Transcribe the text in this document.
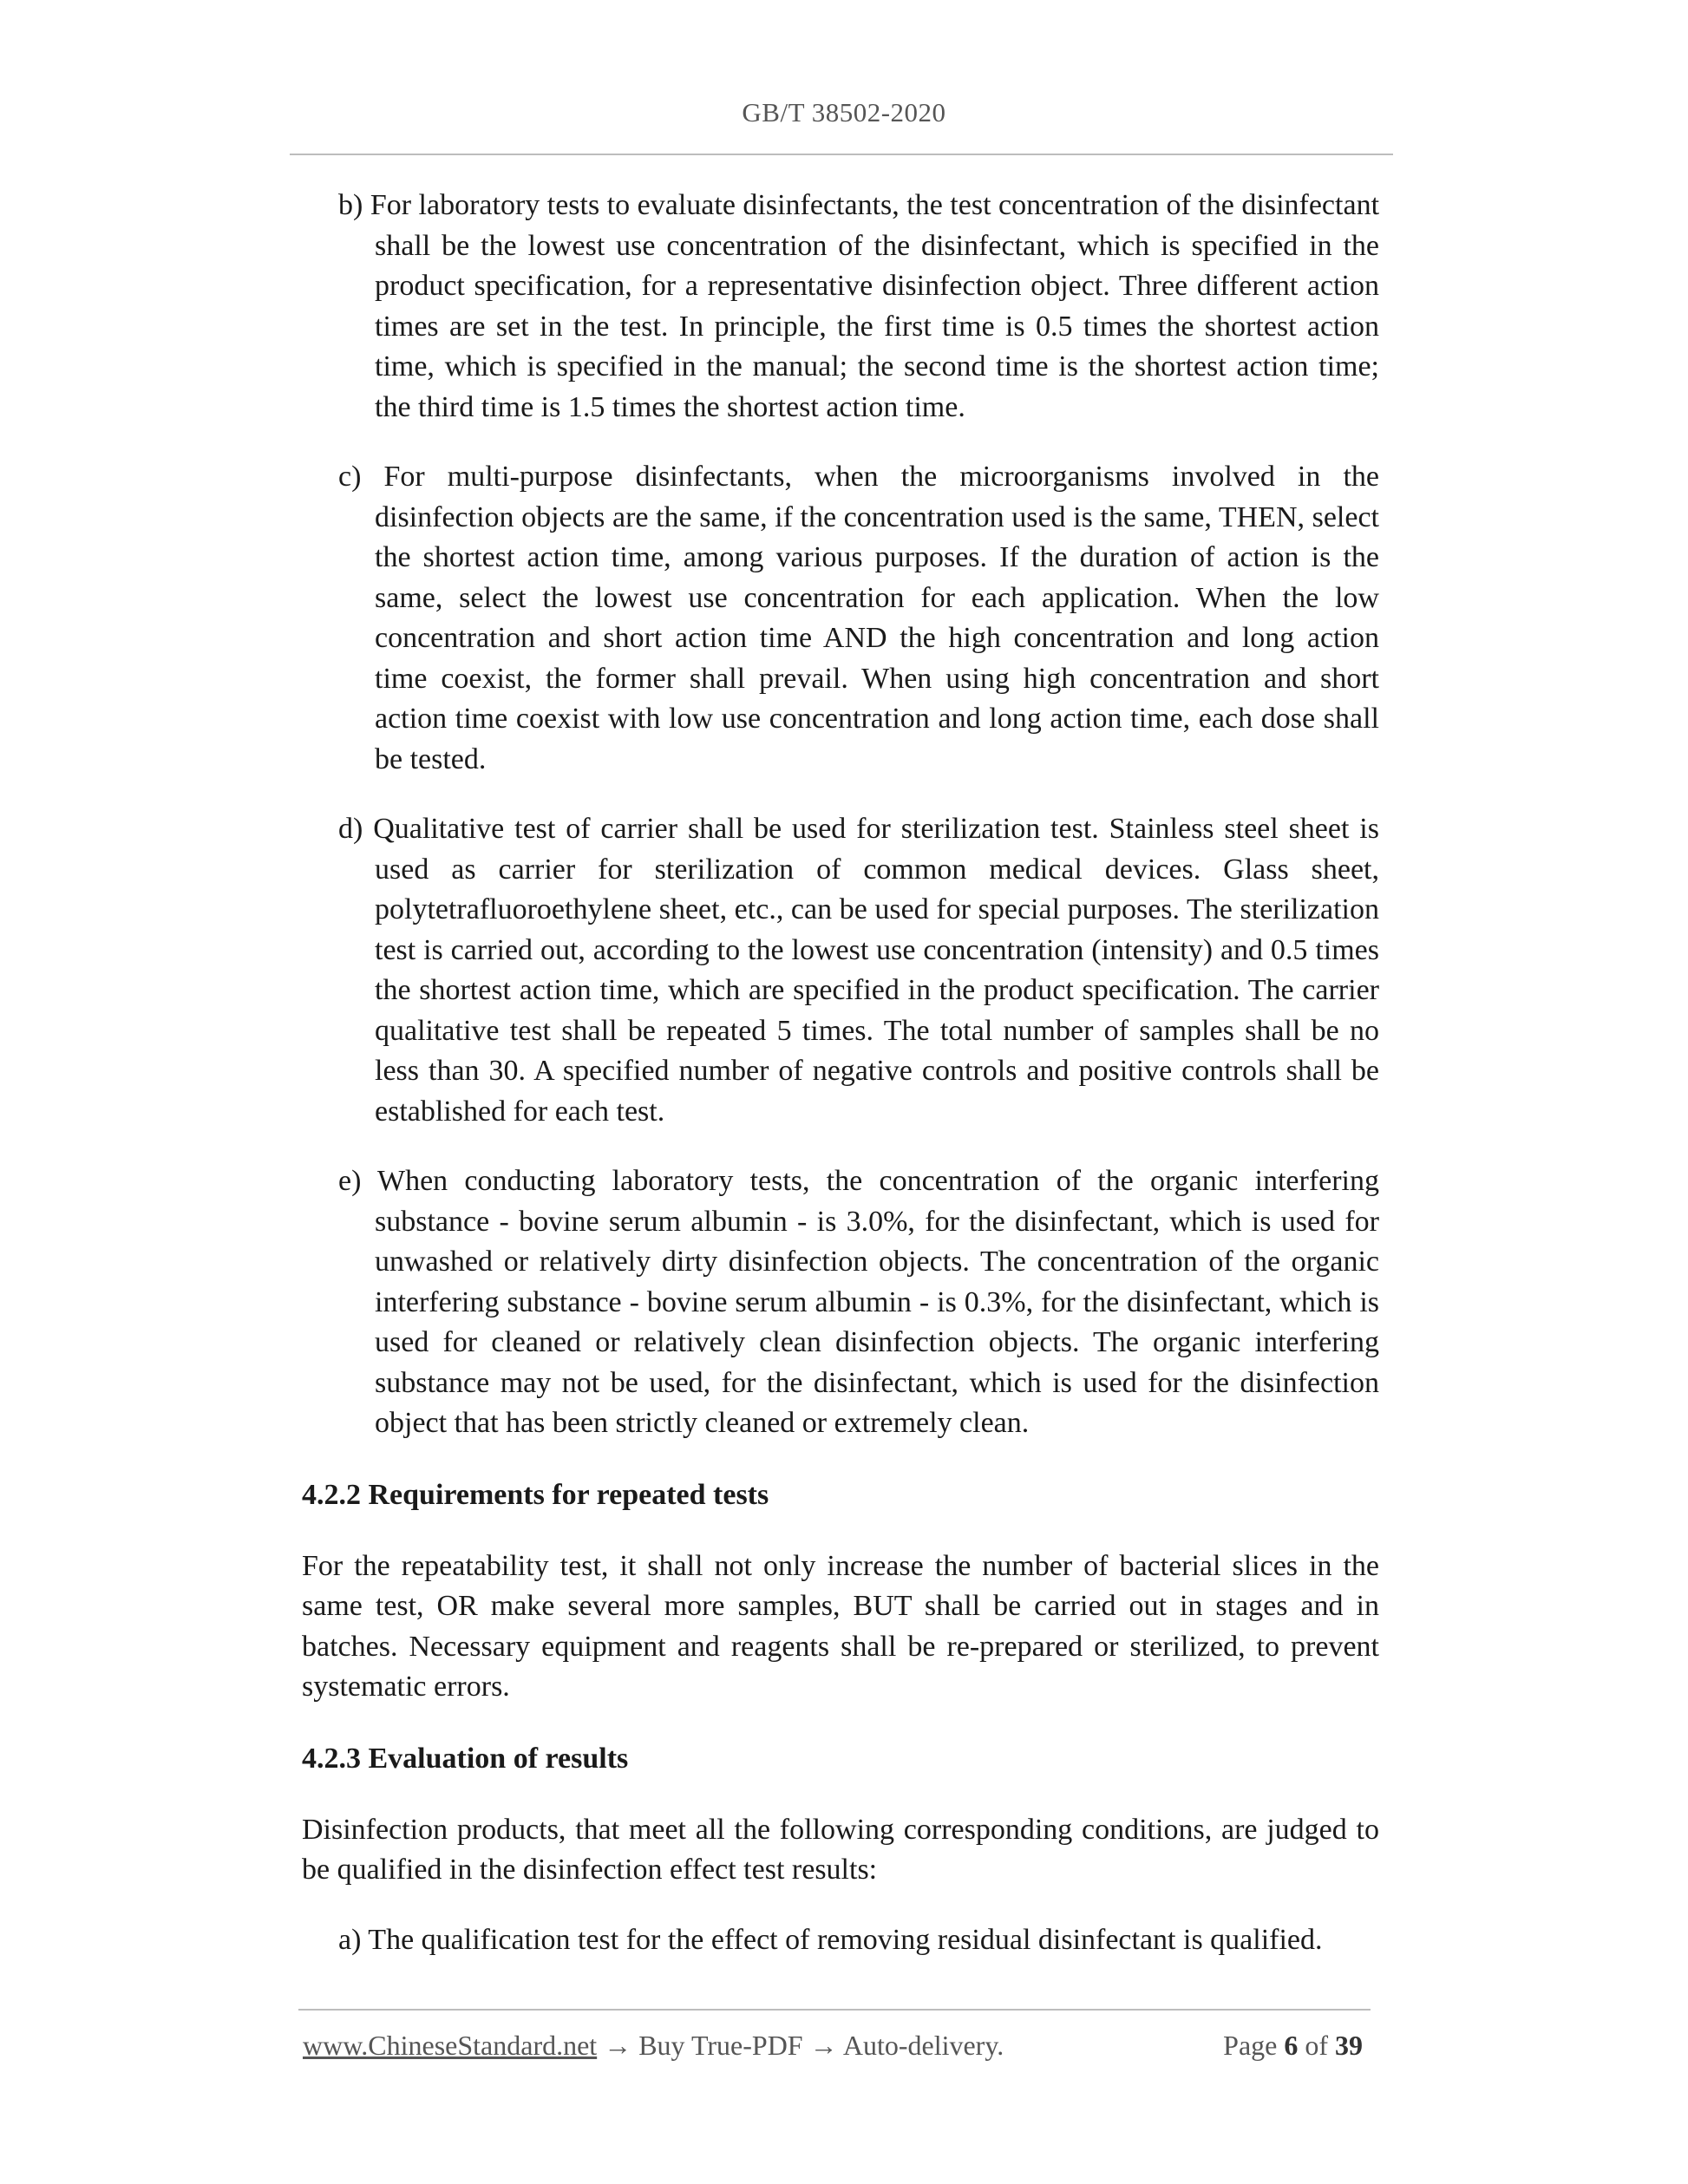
GB/T 38502-2020

b) For laboratory tests to evaluate disinfectants, the test concentration of the disinfectant shall be the lowest use concentration of the disinfectant, which is specified in the product specification, for a representative disinfection object. Three different action times are set in the test. In principle, the first time is 0.5 times the shortest action time, which is specified in the manual; the second time is the shortest action time; the third time is 1.5 times the shortest action time.

c) For multi-purpose disinfectants, when the microorganisms involved in the disinfection objects are the same, if the concentration used is the same, THEN, select the shortest action time, among various purposes. If the duration of action is the same, select the lowest use concentration for each application. When the low concentration and short action time AND the high concentration and long action time coexist, the former shall prevail. When using high concentration and short action time coexist with low use concentration and long action time, each dose shall be tested.

d) Qualitative test of carrier shall be used for sterilization test. Stainless steel sheet is used as carrier for sterilization of common medical devices. Glass sheet, polytetrafluoroethylene sheet, etc., can be used for special purposes. The sterilization test is carried out, according to the lowest use concentration (intensity) and 0.5 times the shortest action time, which are specified in the product specification. The carrier qualitative test shall be repeated 5 times. The total number of samples shall be no less than 30. A specified number of negative controls and positive controls shall be established for each test.

e) When conducting laboratory tests, the concentration of the organic interfering substance - bovine serum albumin - is 3.0%, for the disinfectant, which is used for unwashed or relatively dirty disinfection objects. The concentration of the organic interfering substance - bovine serum albumin - is 0.3%, for the disinfectant, which is used for cleaned or relatively clean disinfection objects. The organic interfering substance may not be used, for the disinfectant, which is used for the disinfection object that has been strictly cleaned or extremely clean.

4.2.2 Requirements for repeated tests

For the repeatability test, it shall not only increase the number of bacterial slices in the same test, OR make several more samples, BUT shall be carried out in stages and in batches. Necessary equipment and reagents shall be re-prepared or sterilized, to prevent systematic errors.

4.2.3 Evaluation of results

Disinfection products, that meet all the following corresponding conditions, are judged to be qualified in the disinfection effect test results:

a) The qualification test for the effect of removing residual disinfectant is qualified.

www.ChineseStandard.net → Buy True-PDF → Auto-delivery.	Page 6 of 39
